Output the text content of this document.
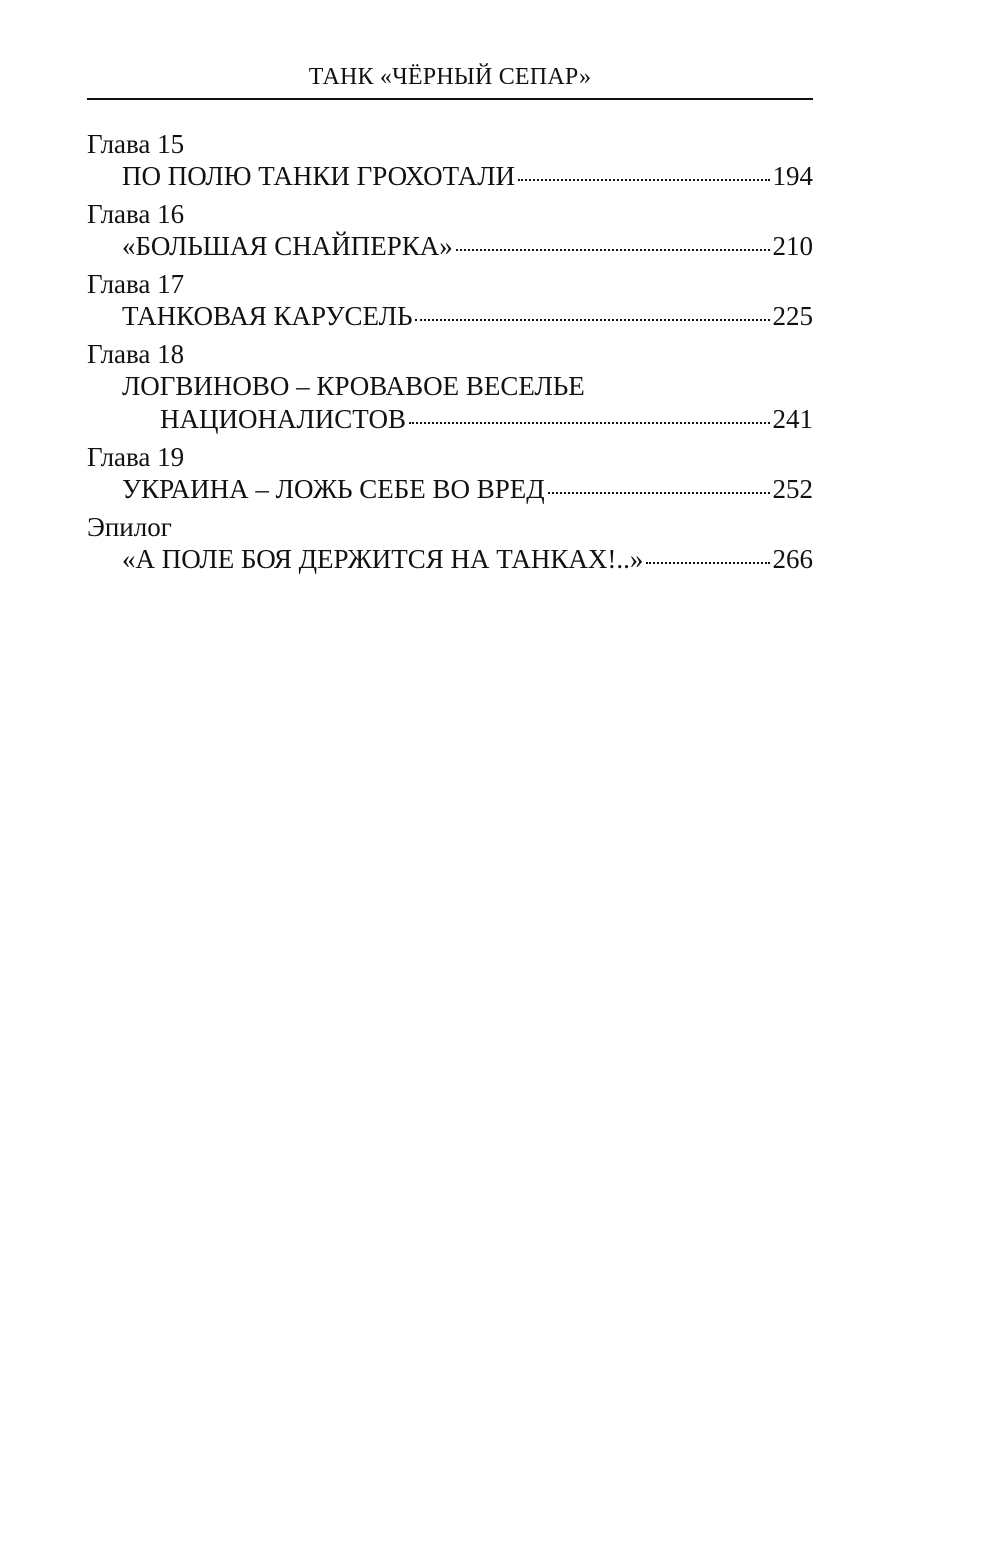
ТАНК «ЧЁРНЫЙ СЕПАР»
Глава 15
ПО ПОЛЮ ТАНКИ ГРОХОТАЛИ	194
Глава 16
«БОЛЬШАЯ СНАЙПЕРКА»	210
Глава 17
ТАНКОВАЯ КАРУСЕЛЬ	225
Глава 18
ЛОГВИНОВО – КРОВАВОЕ ВЕСЕЛЬЕ
НАЦИОНАЛИСТОВ	241
Глава 19
УКРАИНА – ЛОЖЬ СЕБЕ ВО ВРЕД	252
Эпилог
«А ПОЛЕ БОЯ ДЕРЖИТСЯ НА ТАНКАХ!..»	266
